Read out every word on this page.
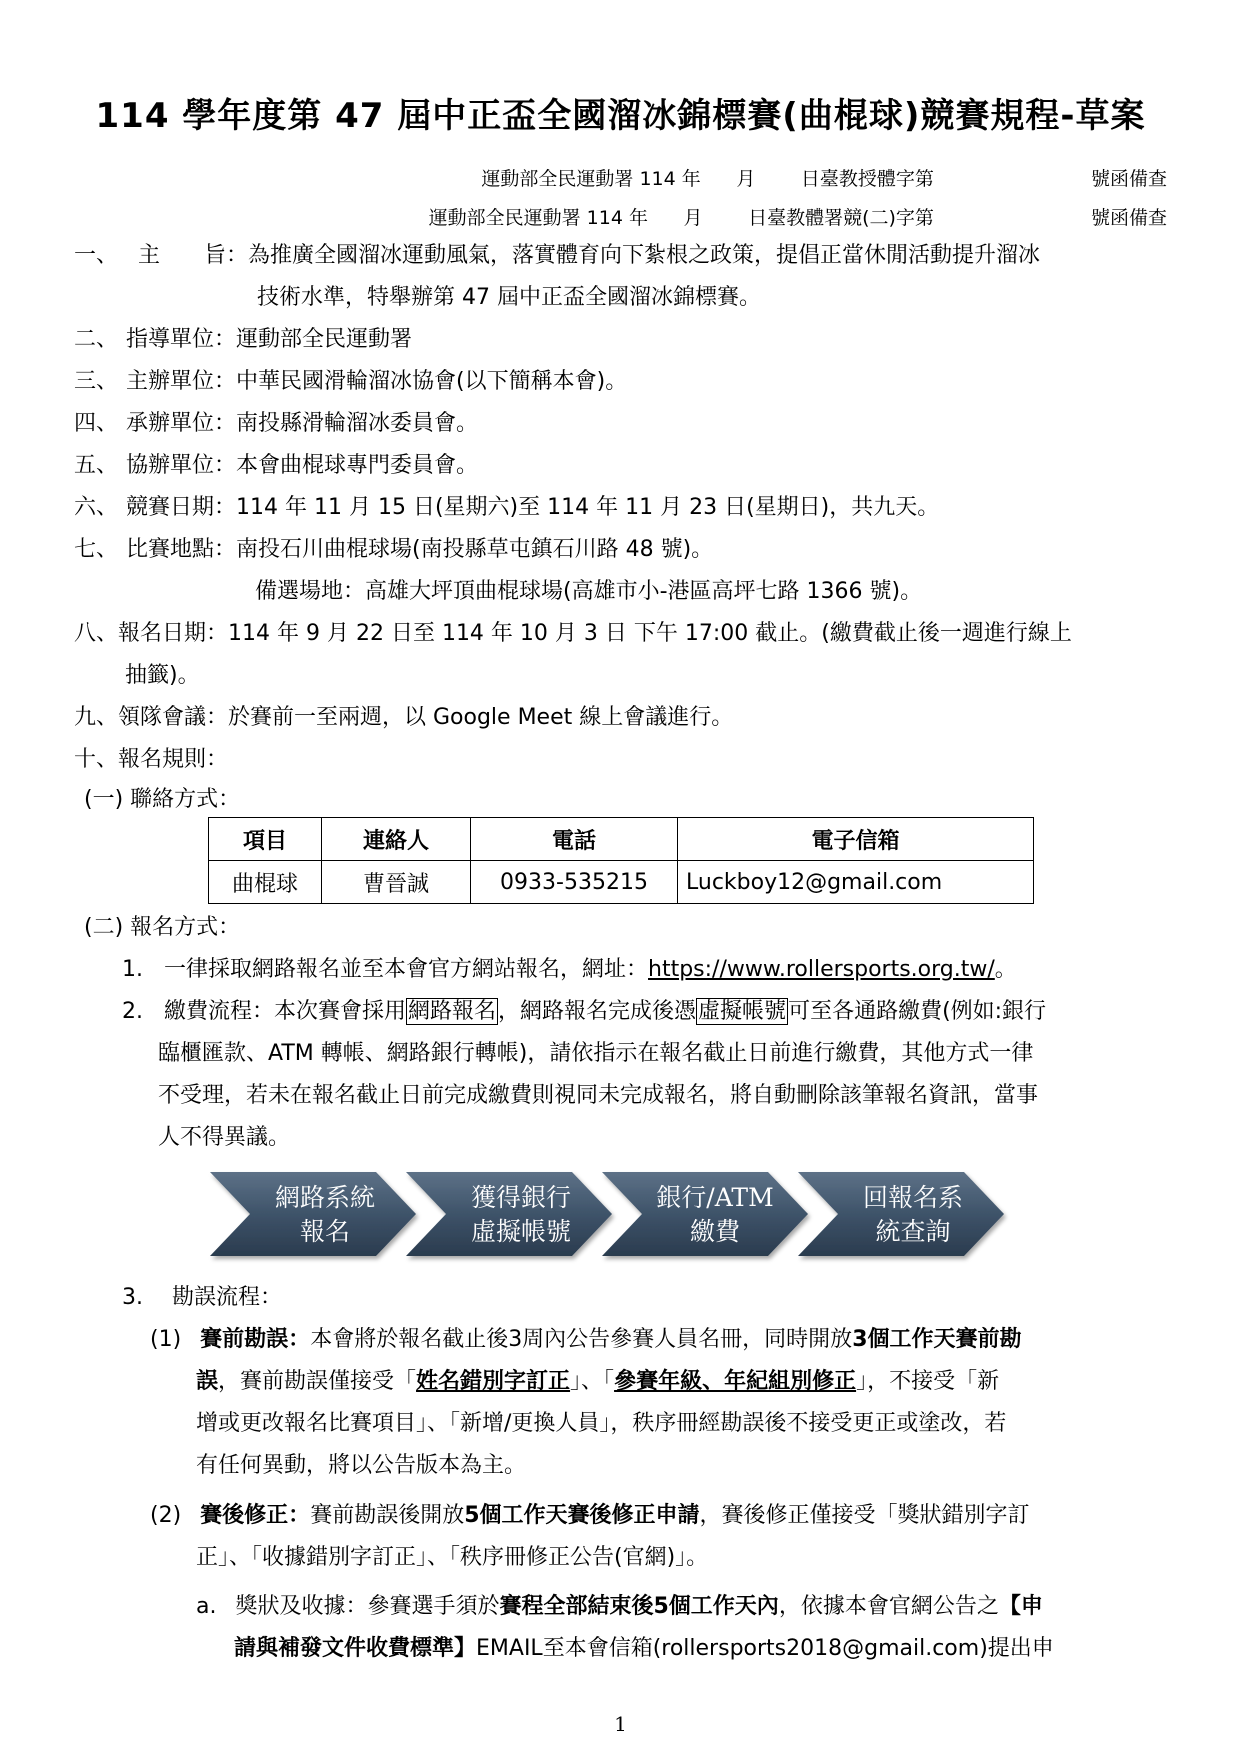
114 學年度第 47 屆中正盃全國溜冰錦標賽(曲棍球)競賽規程-草案
運動部全民運動署 114 年 月 日臺教授體字第	號函備查
運動部全民運動署 114 年 月 日臺教體署競(二)字第	號函備查
一、 主　　旨：為推廣全國溜冰運動風氣，落實體育向下紮根之政策，提倡正當休閒活動提升溜冰
技術水準，特舉辦第 47 屆中正盃全國溜冰錦標賽。
二、 指導單位：運動部全民運動署
三、 主辦單位：中華民國滑輪溜冰協會(以下簡稱本會)。
四、 承辦單位：南投縣滑輪溜冰委員會。
五、 協辦單位：本會曲棍球專門委員會。
六、 競賽日期：114 年 11 月 15 日(星期六)至 114 年 11 月 23 日(星期日)，共九天。
七、 比賽地點：南投石川曲棍球場(南投縣草屯鎮石川路 48 號)。
備選場地：高雄大坪頂曲棍球場(高雄市小-港區高坪七路 1366 號)。
八、報名日期：114 年 9 月 22 日至 114 年 10 月 3 日 下午 17:00 截止。(繳費截止後一週進行線上
抽籤)。
九、領隊會議：於賽前一至兩週，以 Google Meet 線上會議進行。
十、報名規則：
(一) 聯絡方式：
項目	連絡人	電話	電子信箱
曲棍球	曹晉誠	0933-535215	Luckboy12@gmail.com
(二) 報名方式：
1. 一律採取網路報名並至本會官方網站報名，網址：https://www.rollersports.org.tw/。
2. 繳費流程：本次賽會採用網路報名，網路報名完成後憑虛擬帳號可至各通路繳費(例如:銀行
臨櫃匯款、ATM 轉帳、網路銀行轉帳)，請依指示在報名截止日前進行繳費，其他方式一律
不受理，若未在報名截止日前完成繳費則視同未完成報名，將自動刪除該筆報名資訊，當事
人不得異議。
網路系統
報名
獲得銀行
虛擬帳號
銀行/ATM
繳費
回報名系
統查詢
3. 勘誤流程：
(1) 賽前勘誤：本會將於報名截止後3周內公告參賽人員名冊，同時開放3個工作天賽前勘
誤，賽前勘誤僅接受「姓名錯別字訂正」、「參賽年級、年紀組別修正」，不接受「新
增或更改報名比賽項目」、「新增/更換人員」，秩序冊經勘誤後不接受更正或塗改，若
有任何異動，將以公告版本為主。
(2) 賽後修正：賽前勘誤後開放5個工作天賽後修正申請，賽後修正僅接受「獎狀錯別字訂
正」、「收據錯別字訂正」、「秩序冊修正公告(官網)」。
a. 獎狀及收據：參賽選手須於賽程全部結束後5個工作天內，依據本會官網公告之【申
請與補發文件收費標準】EMAIL至本會信箱(rollersports2018@gmail.com)提出申
1
